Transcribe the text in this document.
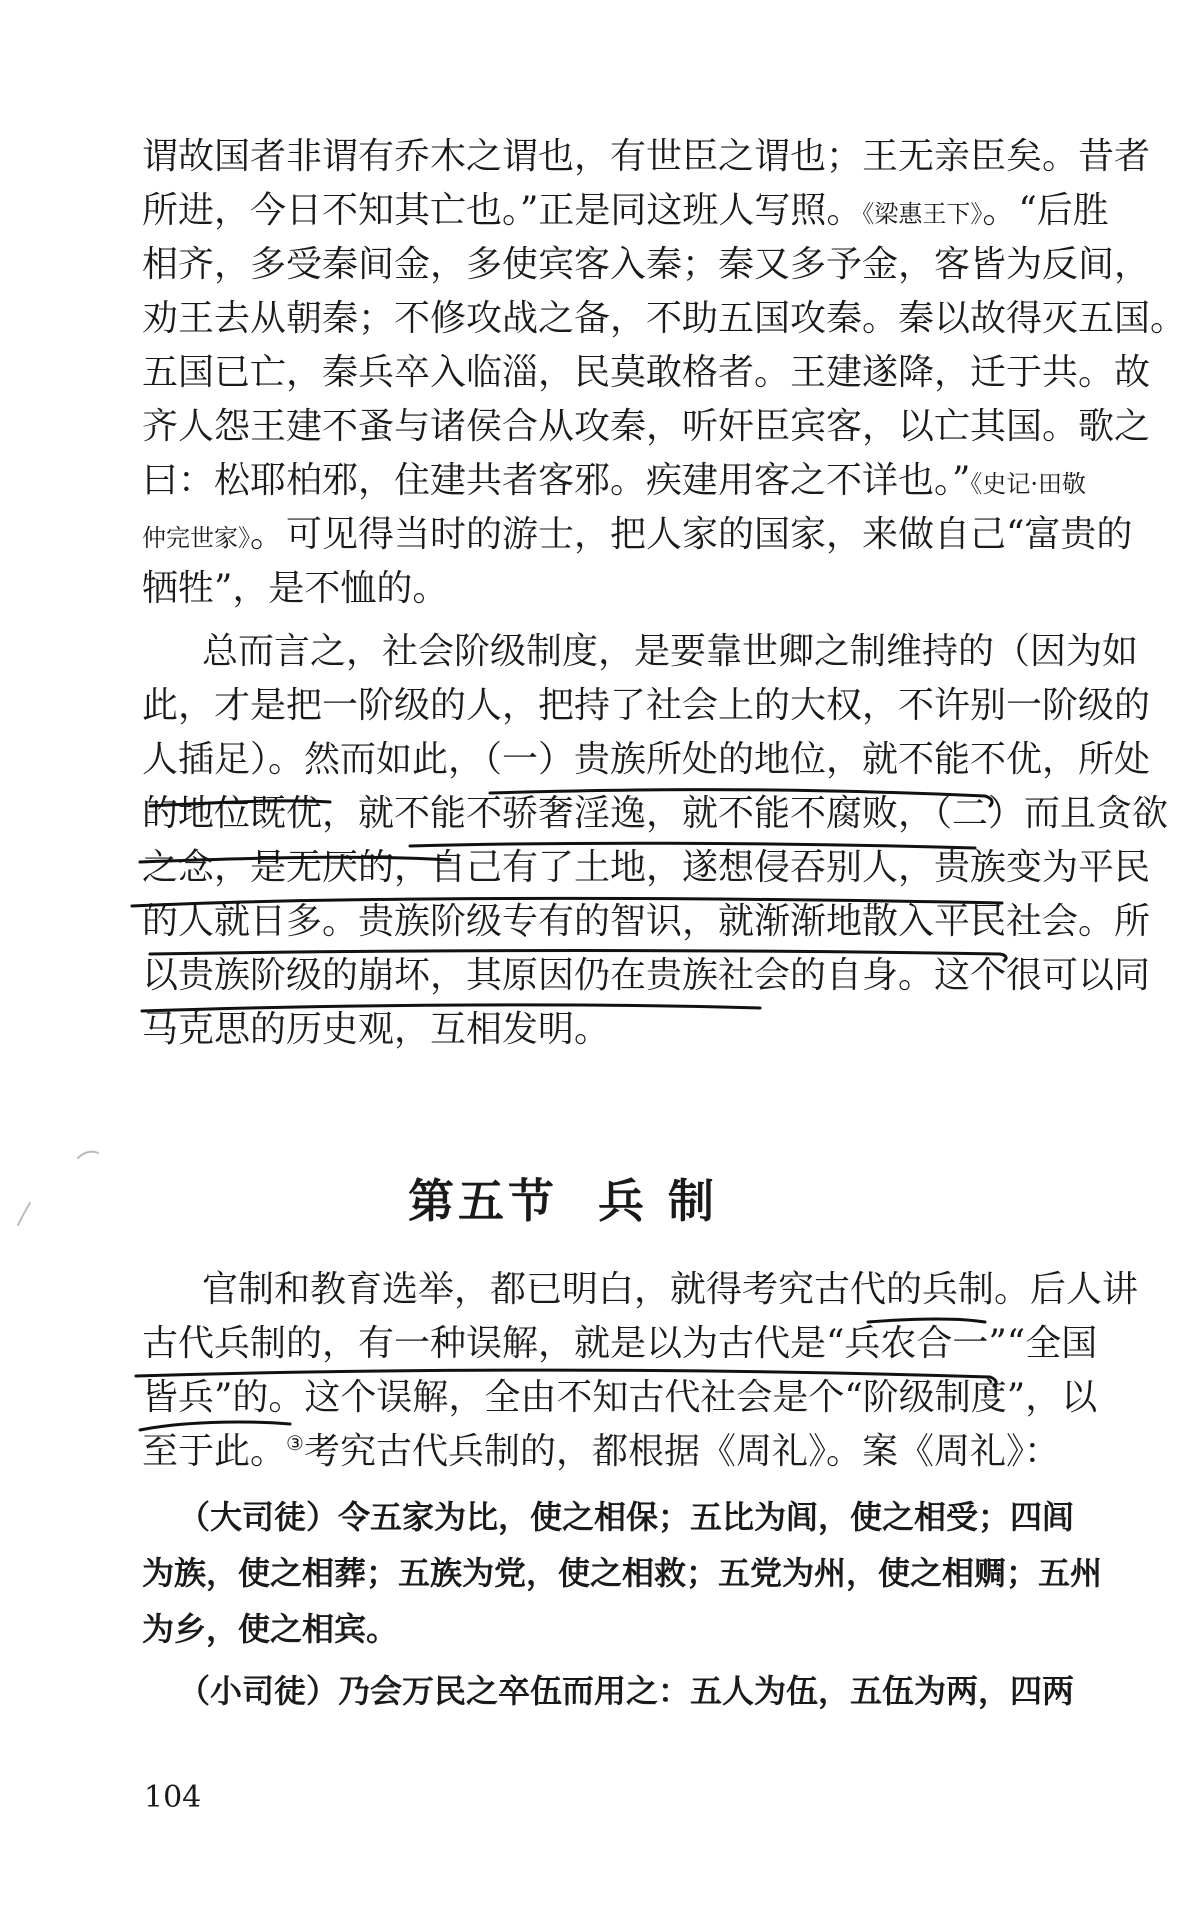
谓故国者非谓有乔木之谓也，有世臣之谓也；王无亲臣矣。昔者
所进，今日不知其亡也。”正是同这班人写照。《梁惠王下》。“后胜
相齐，多受秦间金，多使宾客入秦；秦又多予金，客皆为反间，
劝王去从朝秦；不修攻战之备，不助五国攻秦。秦以故得灭五国。
五国已亡，秦兵卒入临淄，民莫敢格者。王建遂降，迁于共。故
齐人怨王建不蚤与诸侯合从攻秦，听奸臣宾客，以亡其国。歌之
曰：松耶柏邪，住建共者客邪。疾建用客之不详也。”《史记·田敬
仲完世家》。可见得当时的游士，把人家的国家，来做自己“富贵的
牺牲”，是不恤的。
总而言之，社会阶级制度，是要靠世卿之制维持的（因为如
此，才是把一阶级的人，把持了社会上的大权，不许别一阶级的
人插足）。然而如此，（一）贵族所处的地位，就不能不优，所处
的地位既优，就不能不骄奢淫逸，就不能不腐败，（二）而且贪欲
之念，是无厌的，自己有了土地，遂想侵吞别人，贵族变为平民
的人就日多。贵族阶级专有的智识，就渐渐地散入平民社会。所
以贵族阶级的崩坏，其原因仍在贵族社会的自身。这个很可以同
马克思的历史观，互相发明。
第五节 兵 制
官制和教育选举，都已明白，就得考究古代的兵制。后人讲
古代兵制的，有一种误解，就是以为古代是“兵农合一”“全国
皆兵”的。这个误解，全由不知古代社会是个“阶级制度”，以
至于此。③考究古代兵制的，都根据《周礼》。案《周礼》：
（大司徒）令五家为比，使之相保；五比为闾，使之相受；四闾
为族，使之相葬；五族为党，使之相救；五党为州，使之相赒；五州
为乡，使之相宾。
（小司徒）乃会万民之卒伍而用之：五人为伍，五伍为两，四两
104
